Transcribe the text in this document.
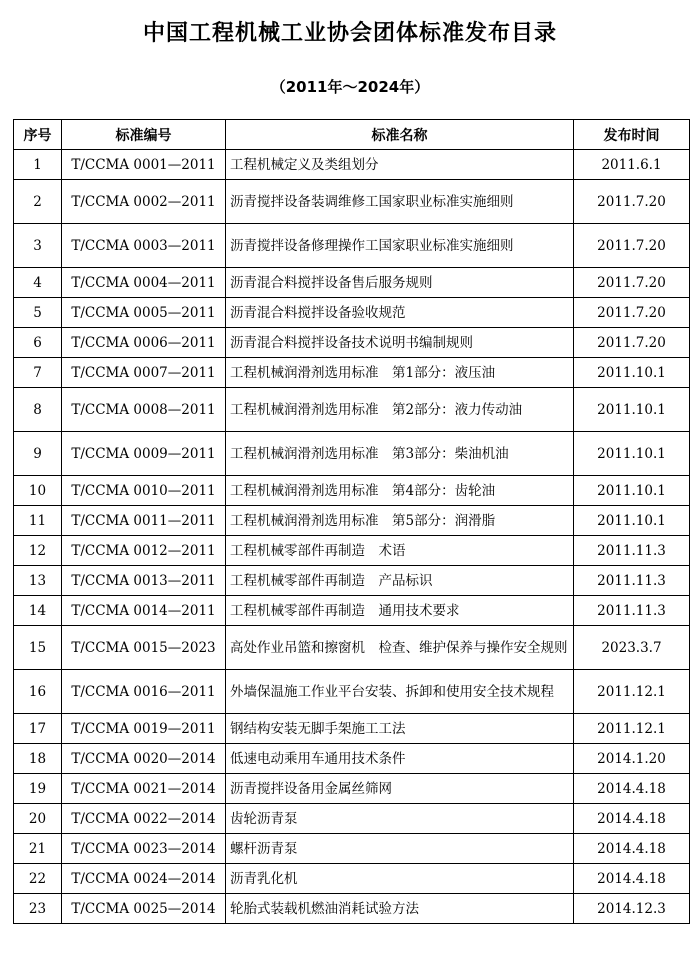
中国工程机械工业协会团体标准发布目录
（2011年～2024年）
序号	标准编号	标准名称	发布时间
1	T/CCMA 0001—2011	工程机械定义及类组划分	2011.6.1
2	T/CCMA 0002—2011	沥青搅拌设备装调维修工国家职业标准实施细则	2011.7.20
3	T/CCMA 0003—2011	沥青搅拌设备修理操作工国家职业标准实施细则	2011.7.20
4	T/CCMA 0004—2011	沥青混合料搅拌设备售后服务规则	2011.7.20
5	T/CCMA 0005—2011	沥青混合料搅拌设备验收规范	2011.7.20
6	T/CCMA 0006—2011	沥青混合料搅拌设备技术说明书编制规则	2011.7.20
7	T/CCMA 0007—2011	工程机械润滑剂选用标准　第1部分：液压油	2011.10.1
8	T/CCMA 0008—2011	工程机械润滑剂选用标准　第2部分：液力传动油	2011.10.1
9	T/CCMA 0009—2011	工程机械润滑剂选用标准　第3部分：柴油机油	2011.10.1
10	T/CCMA 0010—2011	工程机械润滑剂选用标准　第4部分：齿轮油	2011.10.1
11	T/CCMA 0011—2011	工程机械润滑剂选用标准　第5部分：润滑脂	2011.10.1
12	T/CCMA 0012—2011	工程机械零部件再制造　术语	2011.11.3
13	T/CCMA 0013—2011	工程机械零部件再制造　产品标识	2011.11.3
14	T/CCMA 0014—2011	工程机械零部件再制造　通用技术要求	2011.11.3
15	T/CCMA 0015—2023	高处作业吊篮和擦窗机　检查、维护保养与操作安全规则	2023.3.7
16	T/CCMA 0016—2011	外墙保温施工作业平台安装、拆卸和使用安全技术规程	2011.12.1
17	T/CCMA 0019—2011	钢结构安装无脚手架施工工法	2011.12.1
18	T/CCMA 0020—2014	低速电动乘用车通用技术条件	2014.1.20
19	T/CCMA 0021—2014	沥青搅拌设备用金属丝筛网	2014.4.18
20	T/CCMA 0022—2014	齿轮沥青泵	2014.4.18
21	T/CCMA 0023—2014	螺杆沥青泵	2014.4.18
22	T/CCMA 0024—2014	沥青乳化机	2014.4.18
23	T/CCMA 0025—2014	轮胎式装载机燃油消耗试验方法	2014.12.3
